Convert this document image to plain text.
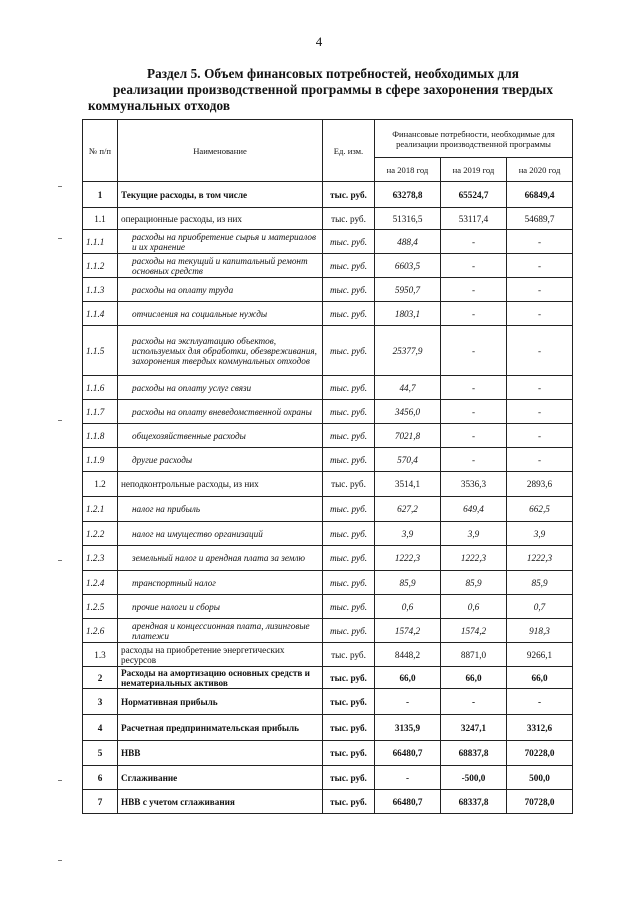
4
Раздел 5. Объем финансовых потребностей, необходимых для
реализации производственной программы в сфере захоронения твердых
коммунальных отходов
№ п/п	Наименование	Ед. изм.	Финансовые потребности, необходимые для реализации производственной программы		
			на 2018 год	на 2019 год	на 2020 год
1	Текущие расходы, в том числе	тыс. руб.	63278,8	65524,7	66849,4
1.1	операционные расходы, из них	тыс. руб.	51316,5	53117,4	54689,7
1.1.1	расходы на приобретение сырья и материалов и их хранение	тыс. руб.	488,4	-	-
1.1.2	расходы на текущий и капитальный ремонт основных средств	тыс. руб.	6603,5	-	-
1.1.3	расходы на оплату труда	тыс. руб.	5950,7	-	-
1.1.4	отчисления на социальные нужды	тыс. руб.	1803,1	-	-
1.1.5	расходы на эксплуатацию объектов, используемых для обработки, обезвреживания, захоронения твердых коммунальных отходов	тыс. руб.	25377,9	-	-
1.1.6	расходы на оплату услуг связи	тыс. руб.	44,7	-	-
1.1.7	расходы на оплату вневедомственной охраны	тыс. руб.	3456,0	-	-
1.1.8	общехозяйственные расходы	тыс. руб.	7021,8	-	-
1.1.9	другие расходы	тыс. руб.	570,4	-	-
1.2	неподконтрольные расходы, из них	тыс. руб.	3514,1	3536,3	2893,6
1.2.1	налог на прибыль	тыс. руб.	627,2	649,4	662,5
1.2.2	налог на имущество организаций	тыс. руб.	3,9	3,9	3,9
1.2.3	земельный налог и арендная плата за землю	тыс. руб.	1222,3	1222,3	1222,3
1.2.4	транспортный налог	тыс. руб.	85,9	85,9	85,9
1.2.5	прочие налоги и сборы	тыс. руб.	0,6	0,6	0,7
1.2.6	арендная и концессионная плата, лизинговые платежи	тыс. руб.	1574,2	1574,2	918,3
1.3	расходы на приобретение энергетических ресурсов	тыс. руб.	8448,2	8871,0	9266,1
2	Расходы на амортизацию основных средств и нематериальных активов	тыс. руб.	66,0	66,0	66,0
3	Нормативная прибыль	тыс. руб.	-	-	-
4	Расчетная предпринимательская прибыль	тыс. руб.	3135,9	3247,1	3312,6
5	НВВ	тыс. руб.	66480,7	68837,8	70228,0
6	Сглаживание	тыс. руб.	-	-500,0	500,0
7	НВВ с учетом сглаживания	тыс. руб.	66480,7	68337,8	70728,0
